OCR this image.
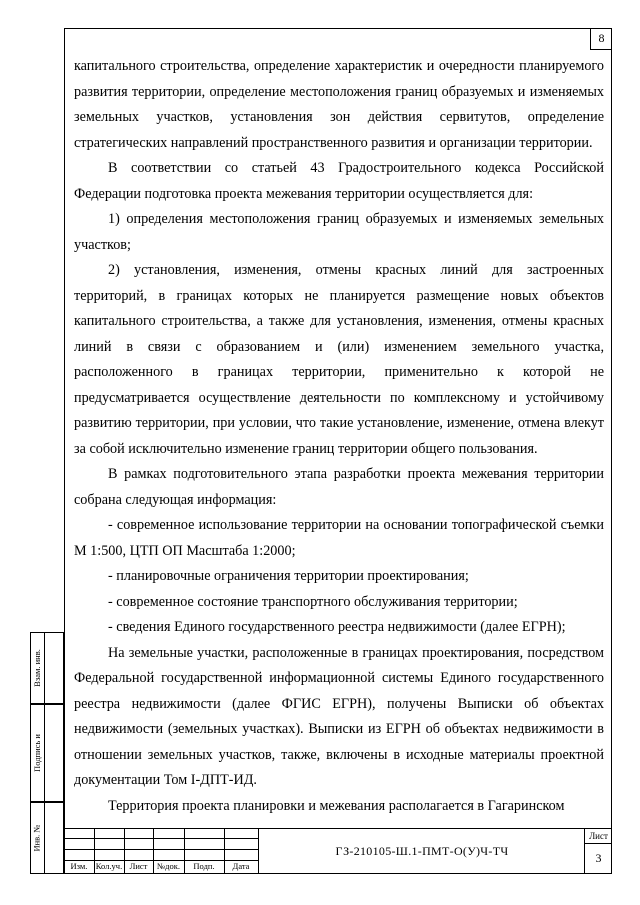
8

капитального строительства, определение характеристик и очередности планируемого развития территории, определение местоположения границ образуемых и изменяемых земельных участков, установления зон действия сервитутов, определение стратегических направлений пространственного развития и организации территории.

В соответствии со статьей 43 Градостроительного кодекса Российской Федерации подготовка проекта межевания территории осуществляется для:

1) определения местоположения границ образуемых и изменяемых земельных участков;

2) установления, изменения, отмены красных линий для застроенных территорий, в границах которых не планируется размещение новых объектов капитального строительства, а также для установления, изменения, отмены красных линий в связи с образованием и (или) изменением земельного участка, расположенного в границах территории, применительно к которой не предусматривается осуществление деятельности по комплексному и устойчивому развитию территории, при условии, что такие установление, изменение, отмена влекут за собой исключительно изменение границ территории общего пользования.

В рамках подготовительного этапа разработки проекта межевания территории собрана следующая информация:

- современное использование территории на основании топографической съемки М 1:500, ЦТП ОП Масштаба 1:2000;

- планировочные ограничения территории проектирования;

- современное состояние транспортного обслуживания территории;

- сведения Единого государственного реестра недвижимости (далее ЕГРН);

На земельные участки, расположенные в границах проектирования, посредством Федеральной государственной информационной системы Единого государственного реестра недвижимости (далее ФГИС ЕГРН), получены Выписки об объектах недвижимости (земельных участках). Выписки из ЕГРН об объектах недвижимости в отношении земельных участков, также, включены в исходные материалы проектной документации Том I-ДПТ-ИД.

Территория проекта планировки и межевания располагается в Гагаринском

Взам. инв.
Подпись и
Инв. №
Изм. Кол.уч. Лист	№док.	Подп.	Дата
ГЗ-210105-Ш.1-ПМТ-О(У)Ч-ТЧ
Лист
3
